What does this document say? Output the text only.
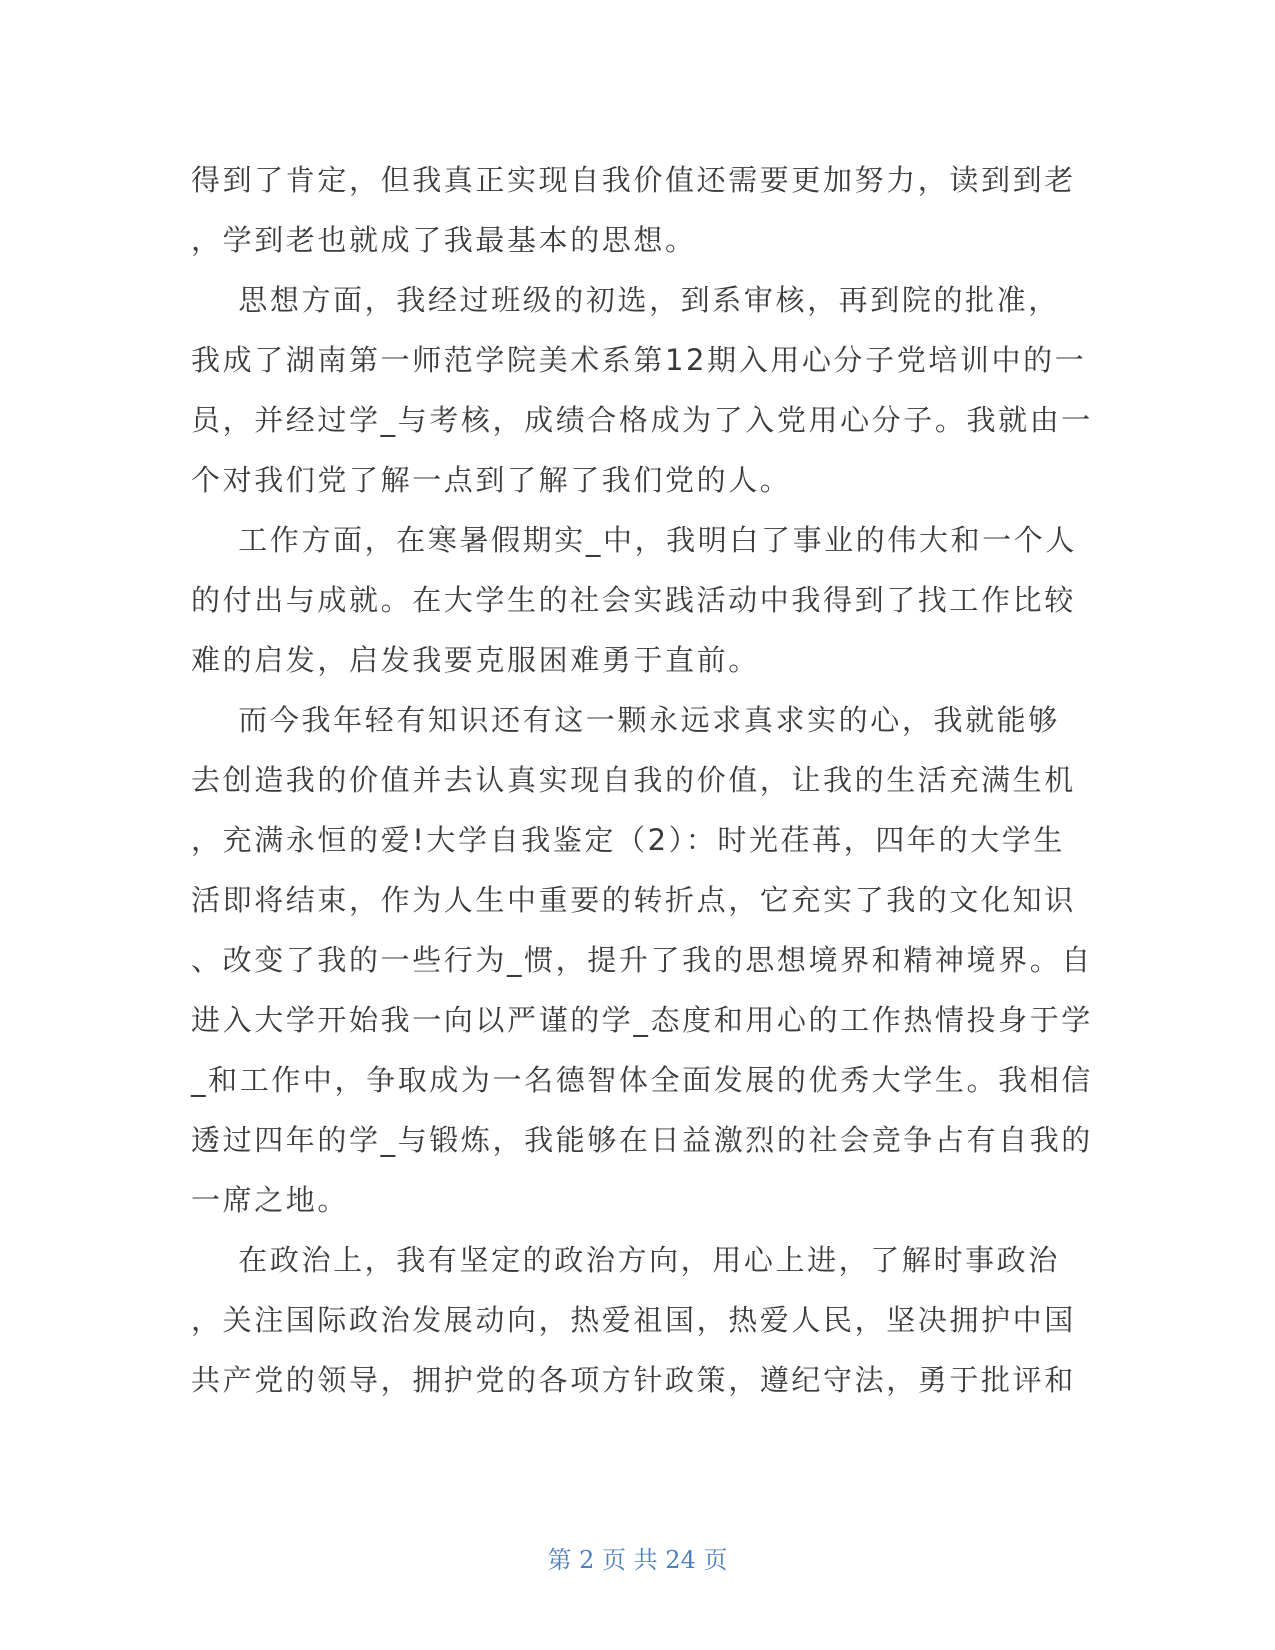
得到了肯定，但我真正实现自我价值还需要更加努力，读到到老
，学到老也就成了我最基本的思想。
思想方面，我经过班级的初选，到系审核，再到院的批准，
我成了湖南第一师范学院美术系第12期入用心分子党培训中的一
员，并经过学_与考核，成绩合格成为了入党用心分子。我就由一
个对我们党了解一点到了解了我们党的人。
工作方面，在寒暑假期实_中，我明白了事业的伟大和一个人
的付出与成就。在大学生的社会实践活动中我得到了找工作比较
难的启发，启发我要克服困难勇于直前。
而今我年轻有知识还有这一颗永远求真求实的心，我就能够
去创造我的价值并去认真实现自我的价值，让我的生活充满生机
，充满永恒的爱!大学自我鉴定（2）：时光荏苒，四年的大学生
活即将结束，作为人生中重要的转折点，它充实了我的文化知识
、改变了我的一些行为_惯，提升了我的思想境界和精神境界。自
进入大学开始我一向以严谨的学_态度和用心的工作热情投身于学
_和工作中，争取成为一名德智体全面发展的优秀大学生。我相信
透过四年的学_与锻炼，我能够在日益激烈的社会竞争占有自我的
一席之地。
在政治上，我有坚定的政治方向，用心上进，了解时事政治
，关注国际政治发展动向，热爱祖国，热爱人民，坚决拥护中国
共产党的领导，拥护党的各项方针政策，遵纪守法，勇于批评和
第 2 页 共 24 页
